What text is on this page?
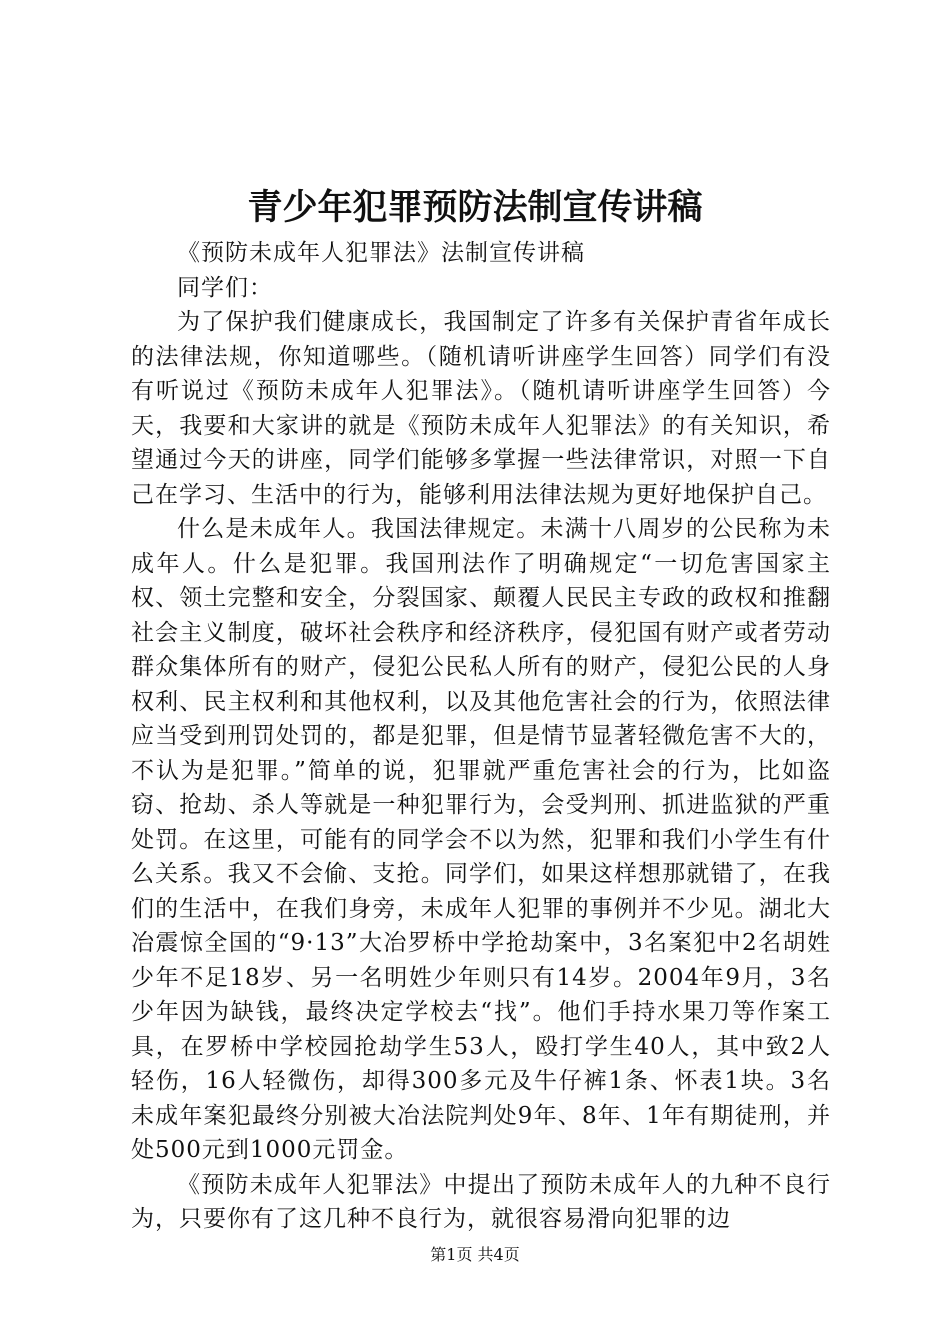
青少年犯罪预防法制宣传讲稿

《预防未成年人犯罪法》法制宣传讲稿

同学们：

为了保护我们健康成长，我国制定了许多有关保护青省年成长的法律法规，你知道哪些。（随机请听讲座学生回答）同学们有没有听说过《预防未成年人犯罪法》。（随机请听讲座学生回答）今天，我要和大家讲的就是《预防未成年人犯罪法》的有关知识，希望通过今天的讲座，同学们能够多掌握一些法律常识，对照一下自己在学习、生活中的行为，能够利用法律法规为更好地保护自己。

什么是未成年人。我国法律规定。未满十八周岁的公民称为未成年人。什么是犯罪。我国刑法作了明确规定“一切危害国家主权、领土完整和安全，分裂国家、颠覆人民民主专政的政权和推翻社会主义制度，破坏社会秩序和经济秩序，侵犯国有财产或者劳动群众集体所有的财产，侵犯公民私人所有的财产，侵犯公民的人身权利、民主权利和其他权利，以及其他危害社会的行为，依照法律应当受到刑罚处罚的，都是犯罪，但是情节显著轻微危害不大的，不认为是犯罪。”简单的说，犯罪就严重危害社会的行为，比如盗窃、抢劫、杀人等就是一种犯罪行为，会受判刑、抓进监狱的严重处罚。在这里，可能有的同学会不以为然，犯罪和我们小学生有什么关系。我又不会偷、支抢。同学们，如果这样想那就错了，在我们的生活中，在我们身旁，未成年人犯罪的事例并不少见。湖北大冶震惊全国的“9·13”大冶罗桥中学抢劫案中，3名案犯中2名胡姓少年不足18岁、另一名明姓少年则只有14岁。2004年9月，3名少年因为缺钱，最终决定学校去“找”。他们手持水果刀等作案工具，在罗桥中学校园抢劫学生53人，殴打学生40人，其中致2人轻伤，16人轻微伤，却得300多元及牛仔裤1条、怀表1块。3名未成年案犯最终分别被大冶法院判处9年、8年、1年有期徒刑，并处500元到1000元罚金。

《预防未成年人犯罪法》中提出了预防未成年人的九种不良行为，只要你有了这几种不良行为，就很容易滑向犯罪的边

第1页 共4页
